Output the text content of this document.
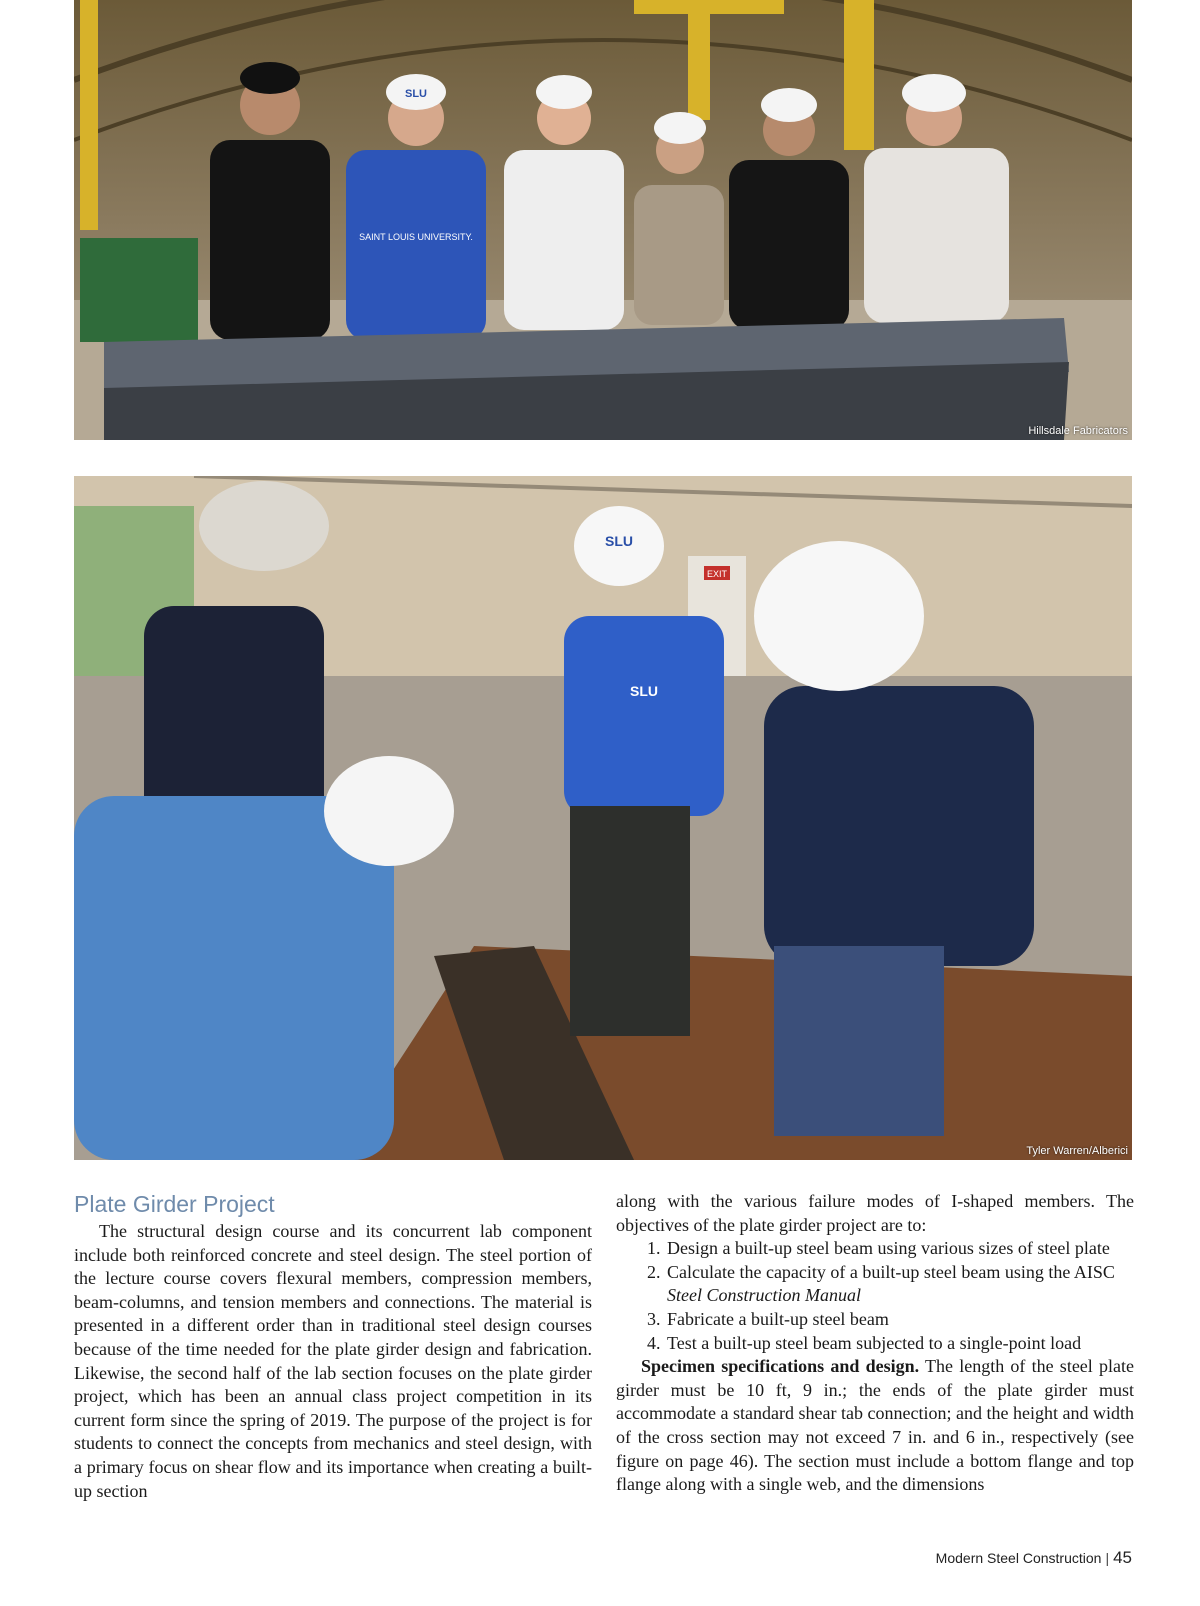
SLU
SAINT LOUIS UNIVERSITY.
Hillsdale Fabricators
EXIT
SLU
SLU
Tyler Warren/Alberici
Plate Girder Project

The structural design course and its concurrent lab component include both reinforced concrete and steel design. The steel portion of the lecture course covers flexural members, compression members, beam-columns, and tension members and connections. The material is presented in a different order than in traditional steel design courses because of the time needed for the plate girder design and fabrication. Likewise, the second half of the lab section focuses on the plate girder project, which has been an annual class project competition in its current form since the spring of 2019. The purpose of the project is for students to connect the concepts from mechanics and steel design, with a primary focus on shear flow and its importance when creating a built-up section

along with the various failure modes of I-shaped members. The objectives of the plate girder project are to:

1. Design a built-up steel beam using various sizes of steel plate
2. Calculate the capacity of a built-up steel beam using the AISC Steel Construction Manual
3. Fabricate a built-up steel beam
4. Test a built-up steel beam subjected to a single-point load

Specimen specifications and design. The length of the steel plate girder must be 10 ft, 9 in.; the ends of the plate girder must accommodate a standard shear tab connection; and the height and width of the cross section may not exceed 7 in. and 6 in., respectively (see figure on page 46). The section must include a bottom flange and top flange along with a single web, and the dimensions

Modern Steel Construction | 45
